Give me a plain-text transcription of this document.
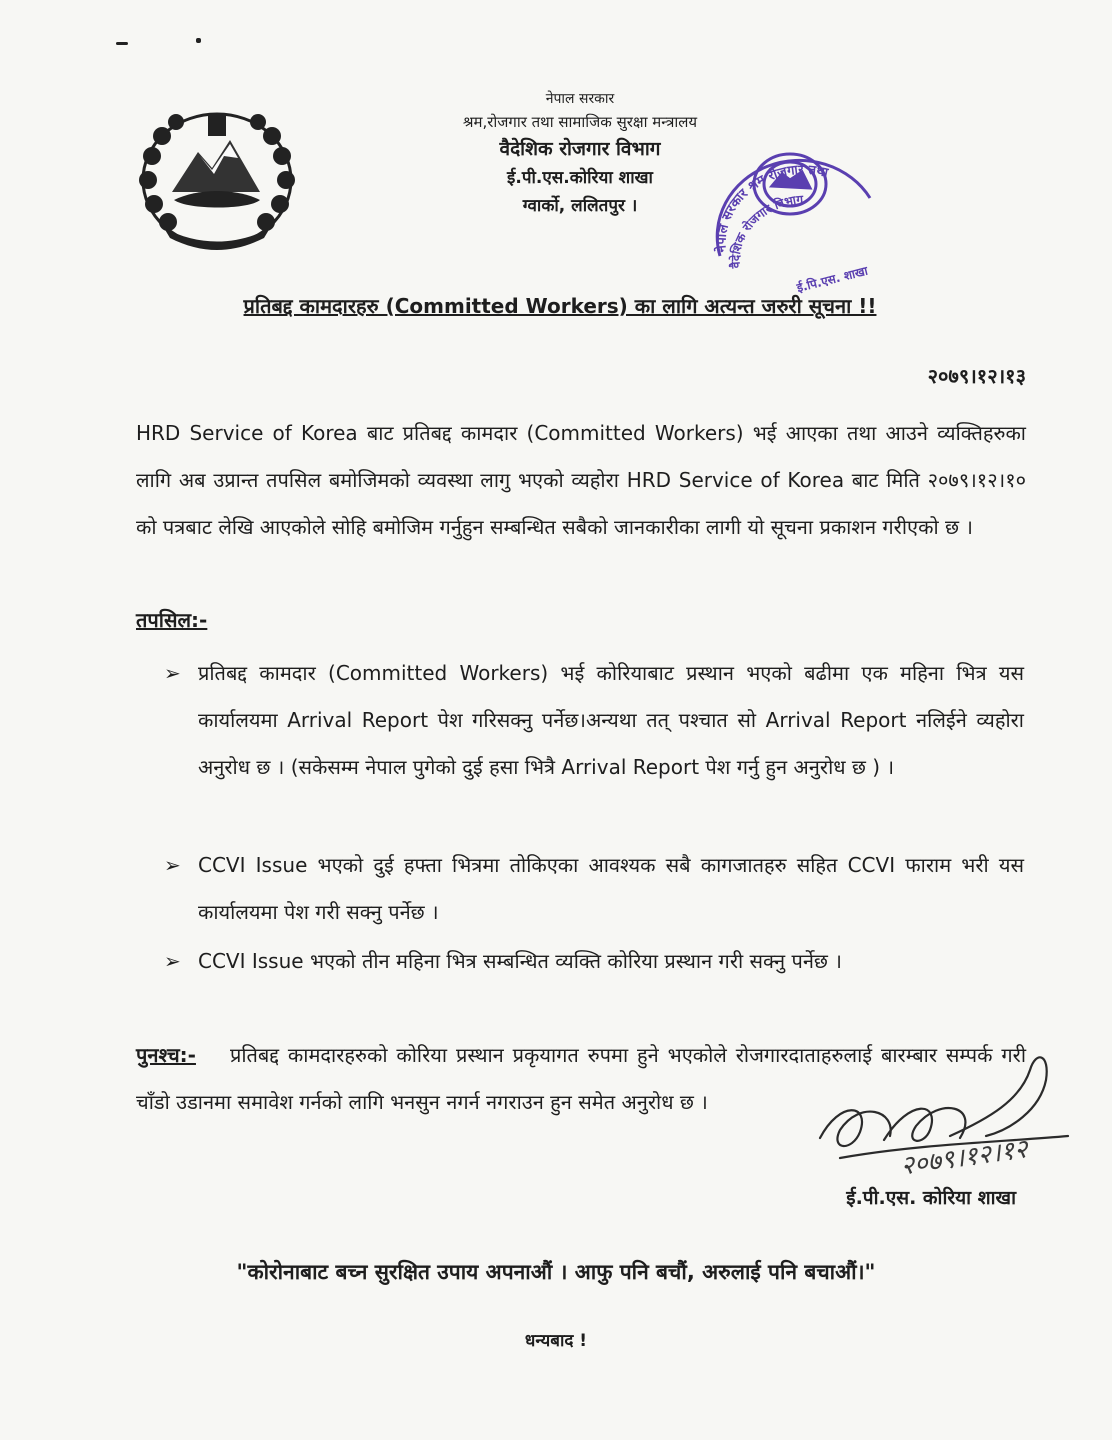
नेपाल सरकार
श्रम,रोजगार तथा सामाजिक सुरक्षा मन्त्रालय
वैदेशिक रोजगार विभाग
ई.पी.एस.कोरिया शाखा
ग्वार्को, ललितपुर ।
नेपाल सरकार श्रम रोजगार तथा
वैदेशिक रोजगार विभाग
ई.पि.एस. शाखा
प्रतिबद्द कामदारहरु (Committed Workers) का लागि अत्यन्त जरुरी सूचना !!
२०७९।१२।१३
HRD Service of Korea बाट प्रतिबद्द कामदार (Committed Workers) भई आएका तथा आउने व्यक्तिहरुका लागि अब उप्रान्त तपसिल बमोजिमको व्यवस्था लागु भएको व्यहोरा HRD Service of Korea बाट मिति २०७९।१२।१० को पत्रबाट लेखि आएकोले सोहि बमोजिम गर्नुहुन सम्बन्धित सबैको जानकारीका लागी यो सूचना प्रकाशन गरीएको छ ।
तपसिल:-
➢ प्रतिबद्द कामदार (Committed Workers) भई कोरियाबाट प्रस्थान भएको बढीमा एक महिना भित्र यस कार्यालयमा Arrival Report पेश गरिसक्नु पर्नेछ।अन्यथा तत् पश्चात सो Arrival Report नलिईने व्यहोरा अनुरोध छ । (सकेसम्म नेपाल पुगेको दुई हसा भित्रै Arrival Report पेश गर्नु हुन अनुरोध छ ) ।
➢ CCVI Issue भएको दुई हफ्ता भित्रमा तोकिएका आवश्यक सबै कागजातहरु सहित CCVI फाराम भरी यस कार्यालयमा पेश गरी सक्नु पर्नेछ ।
➢ CCVI Issue भएको तीन महिना भित्र सम्बन्धित व्यक्ति कोरिया प्रस्थान गरी सक्नु पर्नेछ ।
पुनश्च:- प्रतिबद्द कामदारहरुको कोरिया प्रस्थान प्रकृयागत रुपमा हुने भएकोले रोजगारदाताहरुलाई बारम्बार सम्पर्क गरी चाँडो उडानमा समावेश गर्नको लागि भनसुन नगर्न नगराउन हुन समेत अनुरोध छ ।
२०७९।१२।१२
ई.पी.एस. कोरिया शाखा
"कोरोनाबाट बच्न सुरक्षित उपाय अपनाऔं । आफु पनि बचौं, अरुलाई पनि बचाऔं।"
धन्यबाद !
